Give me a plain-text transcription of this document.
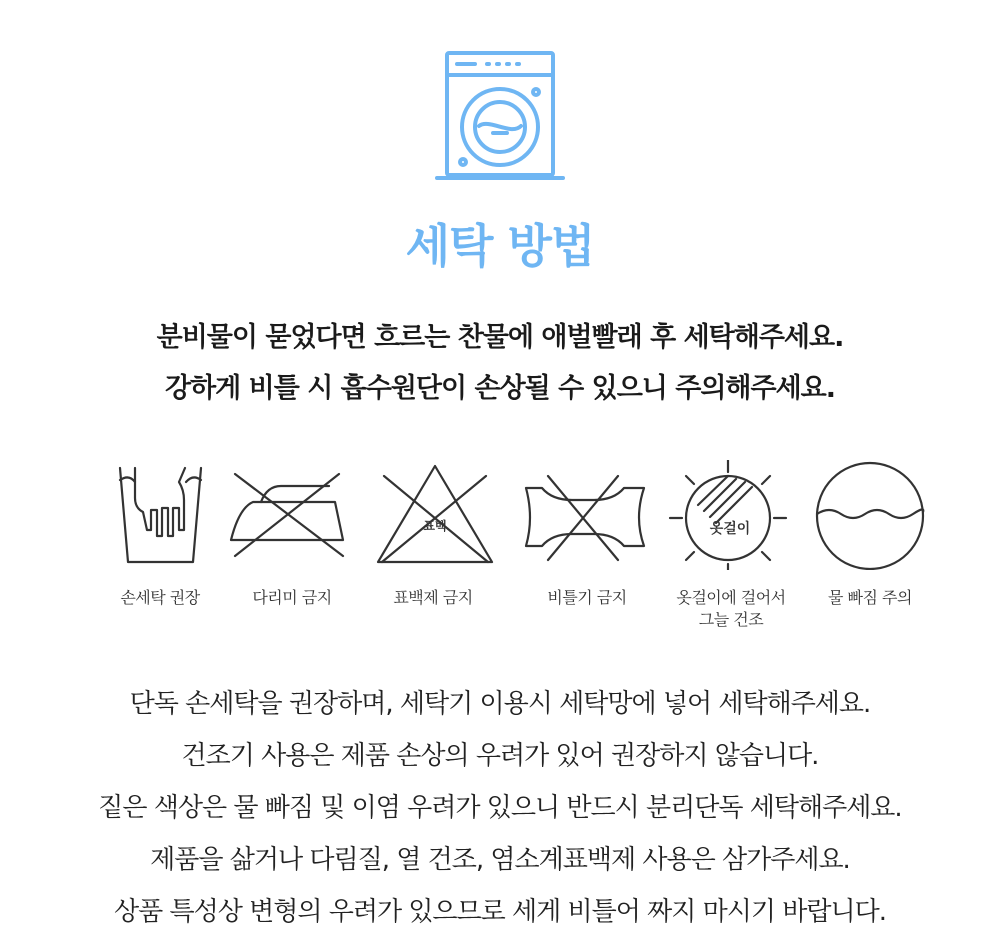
세탁 방법
분비물이 묻었다면 흐르는 찬물에 애벌빨래 후 세탁해주세요.
강하게 비틀 시 흡수원단이 손상될 수 있으니 주의해주세요.
표백	옷걸이
손세탁 권장	다리미 금지	표백제 금지	비틀기 금지	옷걸이에 걸어서
그늘 건조
물 빠짐 주의
단독 손세탁을 권장하며, 세탁기 이용시 세탁망에 넣어 세탁해주세요.
건조기 사용은 제품 손상의 우려가 있어 권장하지 않습니다.
짙은 색상은 물 빠짐 및 이염 우려가 있으니 반드시 분리단독 세탁해주세요.
제품을 삶거나 다림질, 열 건조, 염소계표백제 사용은 삼가주세요.
상품 특성상 변형의 우려가 있으므로 세게 비틀어 짜지 마시기 바랍니다.
